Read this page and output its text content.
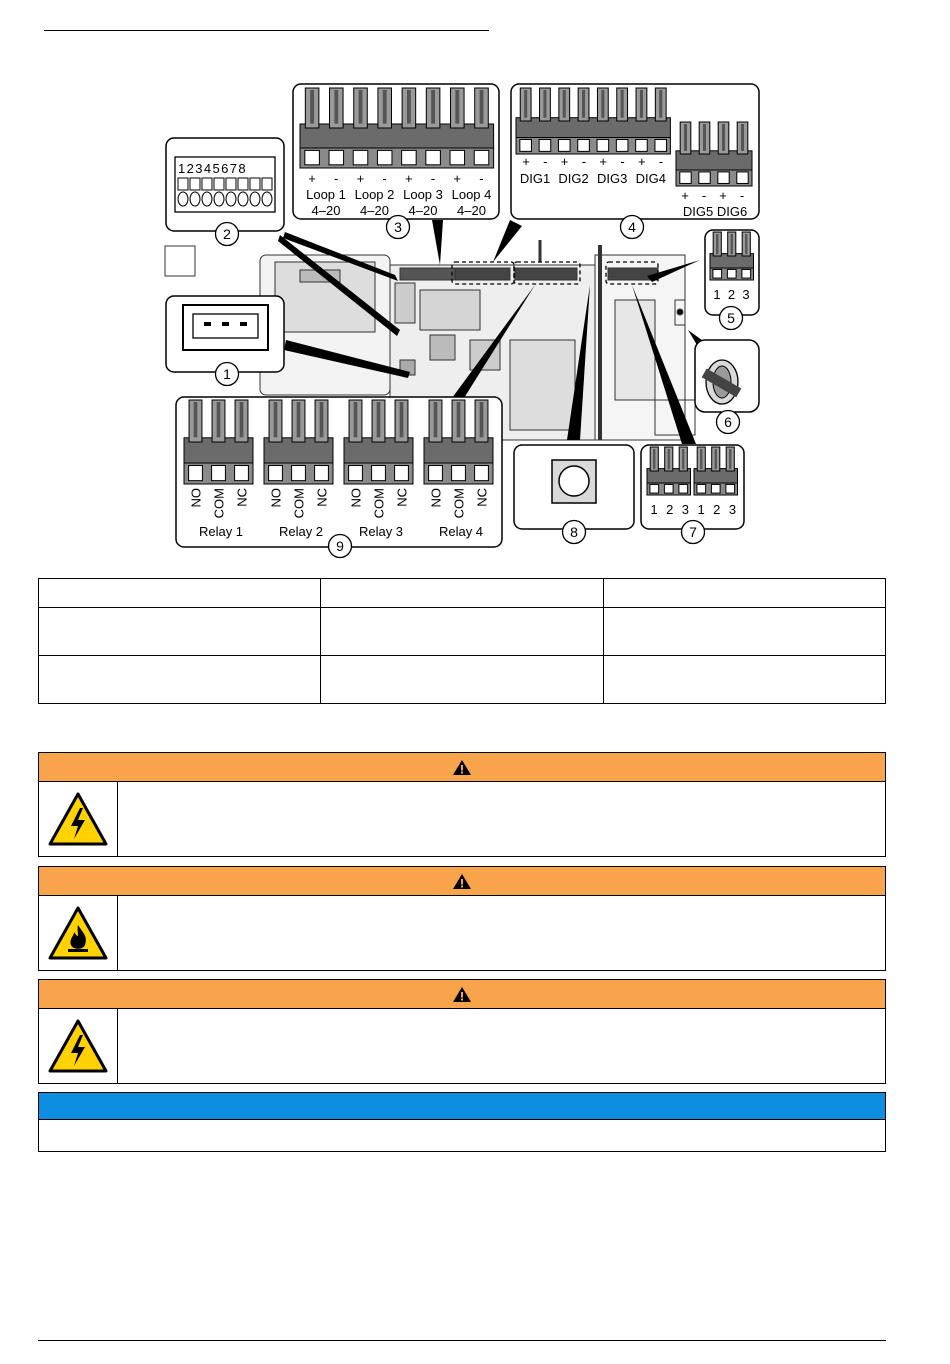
12345678
+ - + - + - + -
Loop 1
4–20
Loop 2
4–20
Loop 3
4–20
Loop 4
4–20
+ - + - + - + -
DIG1 DIG2 DIG3 DIG4
+ - + -
DIG5 DIG6
1 2 3
NO COM NC
Relay 1
NO COM NC
Relay 2
NO COM NC
Relay 3
NO COM NC
Relay 4
1 2 3 1 2 3
1
2	3	4
5
6
7
8
9
